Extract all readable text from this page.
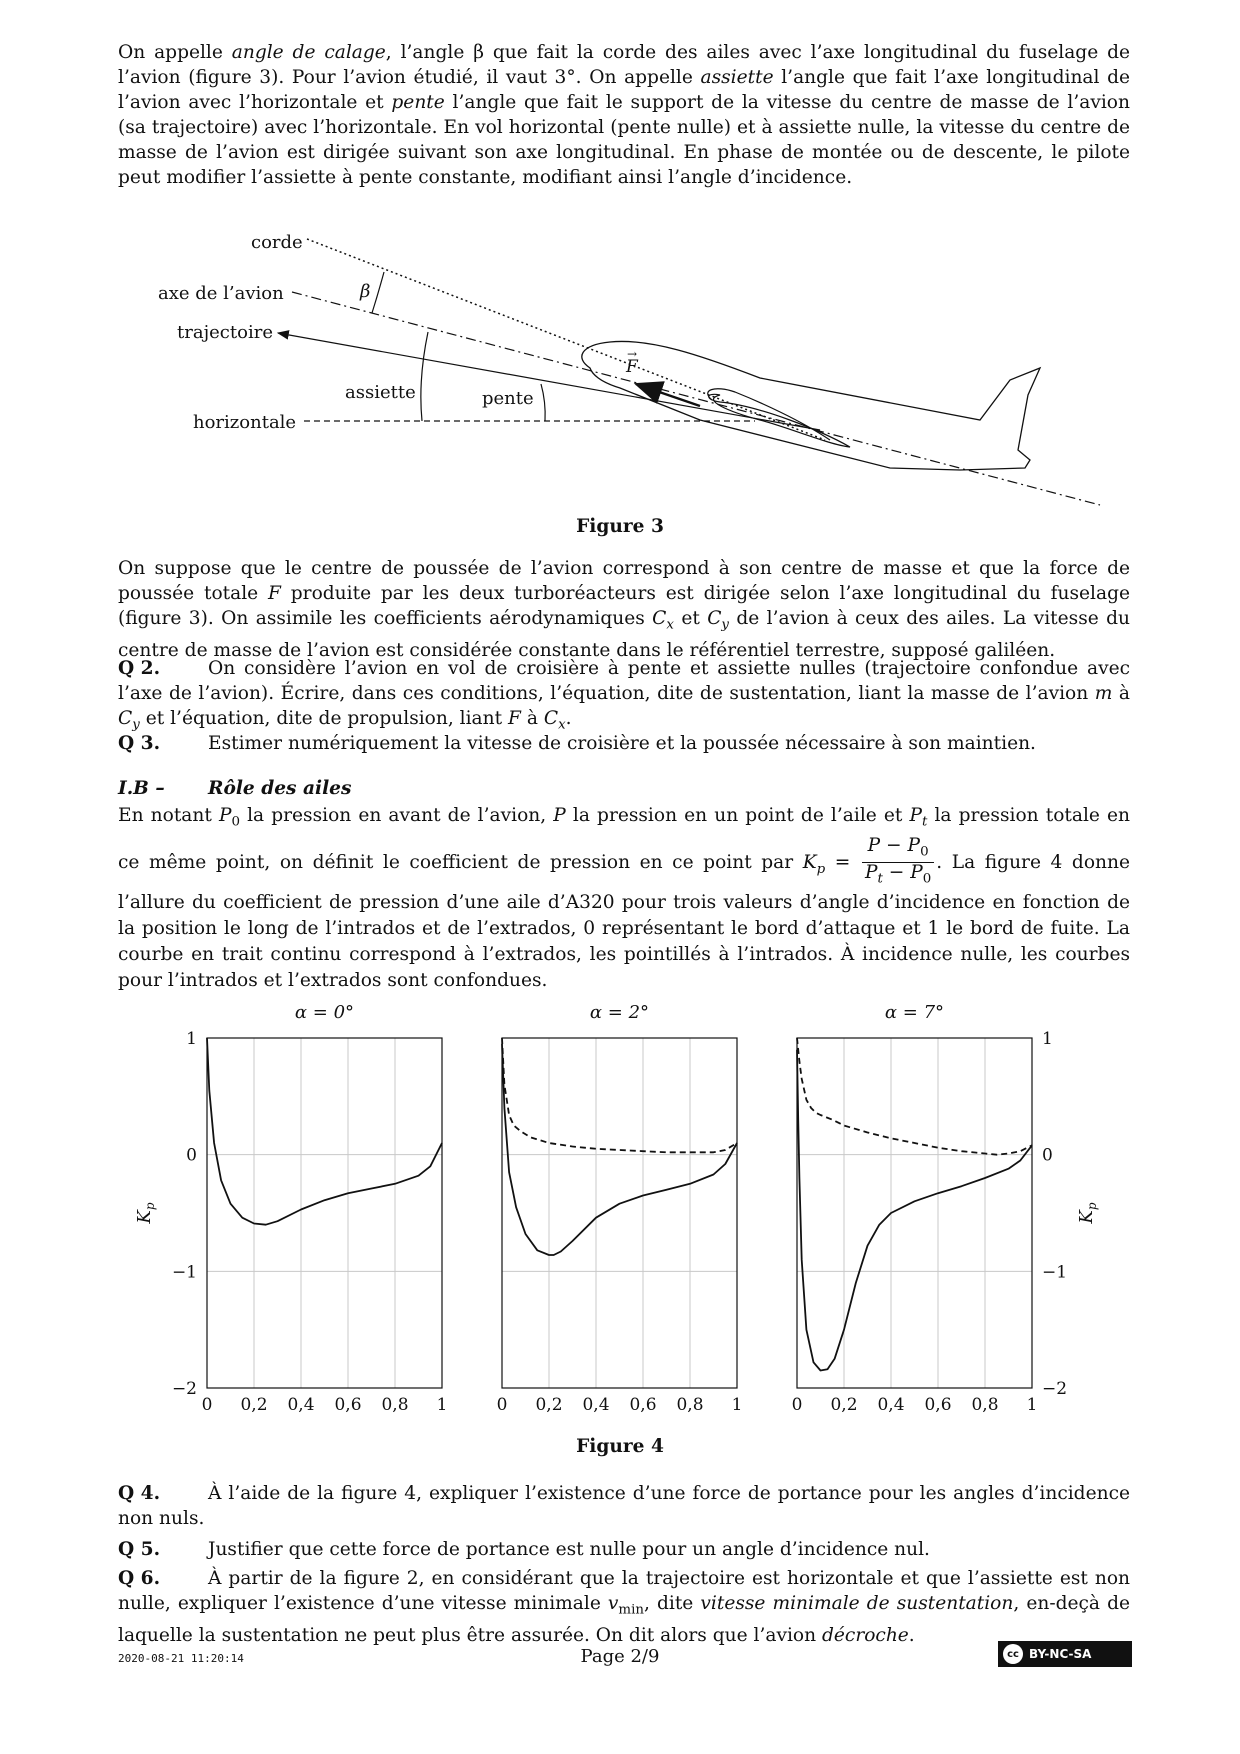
On appelle angle de calage, l’angle β que fait la corde des ailes avec l’axe longitudinal du fuselage de l’avion (figure 3). Pour l’avion étudié, il vaut 3°. On appelle assiette l’angle que fait l’axe longitudinal de l’avion avec l’horizontale et pente l’angle que fait le support de la vitesse du centre de masse de l’avion (sa trajectoire) avec l’horizontale. En vol horizontal (pente nulle) et à assiette nulle, la vitesse du centre de masse de l’avion est dirigée suivant son axe longitudinal. En phase de montée ou de descente, le pilote peut modifier l’assiette à pente constante, modifiant ainsi l’angle d’incidence.

corde
axe de l’avion
trajectoire
horizontale
assiette	pente
β
F
→
Figure 3

On suppose que le centre de poussée de l’avion correspond à son centre de masse et que la force de poussée totale F produite par les deux turboréacteurs est dirigée selon l’axe longitudinal du fuselage (figure 3). On assimile les coefficients aérodynamiques $C_x$ et $C_y$ de l’avion à ceux des ailes. La vitesse du centre de masse de l’avion est considérée constante dans le référentiel terrestre, supposé galiléen.

Q 2.	On considère l’avion en vol de croisière à pente et assiette nulles (trajectoire confondue avec l’axe de l’avion). Écrire, dans ces conditions, l’équation, dite de sustentation, liant la masse de l’avion m à $C_y$ et l’équation, dite de propulsion, liant F à $C_x$.

Q 3.	Estimer numériquement la vitesse de croisière et la poussée nécessaire à son maintien.

I.B – Rôle des ailes

En notant $P_0$ la pression en avant de l’avion, P la pression en un point de l’aile et $P_t$ la pression totale en ce même point, on définit le coefficient de pression en ce point par $K_p = \frac{P - P_0}{P_t - P_0}$ . La figure 4 donne l’allure du coefficient de pression d’une aile d’A320 pour trois valeurs d’angle d’incidence en fonction de la position le long de l’intrados et de l’extrados, 0 représentant le bord d’attaque et 1 le bord de fuite. La courbe en trait continu correspond à l’extrados, les pointillés à l’intrados. À incidence nulle, les courbes pour l’intrados et l’extrados sont confondues.

α = 0°
0 0,2 0,4 0,6 0,8 1
α = 2°
0 0,2 0,4 0,6 0,8 1
α = 7°
0 0,2 0,4 0,6 0,8 1
1	1
0	0
−1	−1
−2	−2
$K_p$
$K_p$
Figure 4

Q 4.	À l’aide de la figure 4, expliquer l’existence d’une force de portance pour les angles d’incidence non nuls.

Q 5.	Justifier que cette force de portance est nulle pour un angle d’incidence nul.

Q 6.	À partir de la figure 2, en considérant que la trajectoire est horizontale et que l’assiette est non nulle, expliquer l’existence d’une vitesse minimale $v_{min}$, dite vitesse minimale de sustentation, en-deçà de laquelle la sustentation ne peut plus être assurée. On dit alors que l’avion décroche.

2020-08-21 11:20:14	Page 2/9	cc BY-NC-SA
